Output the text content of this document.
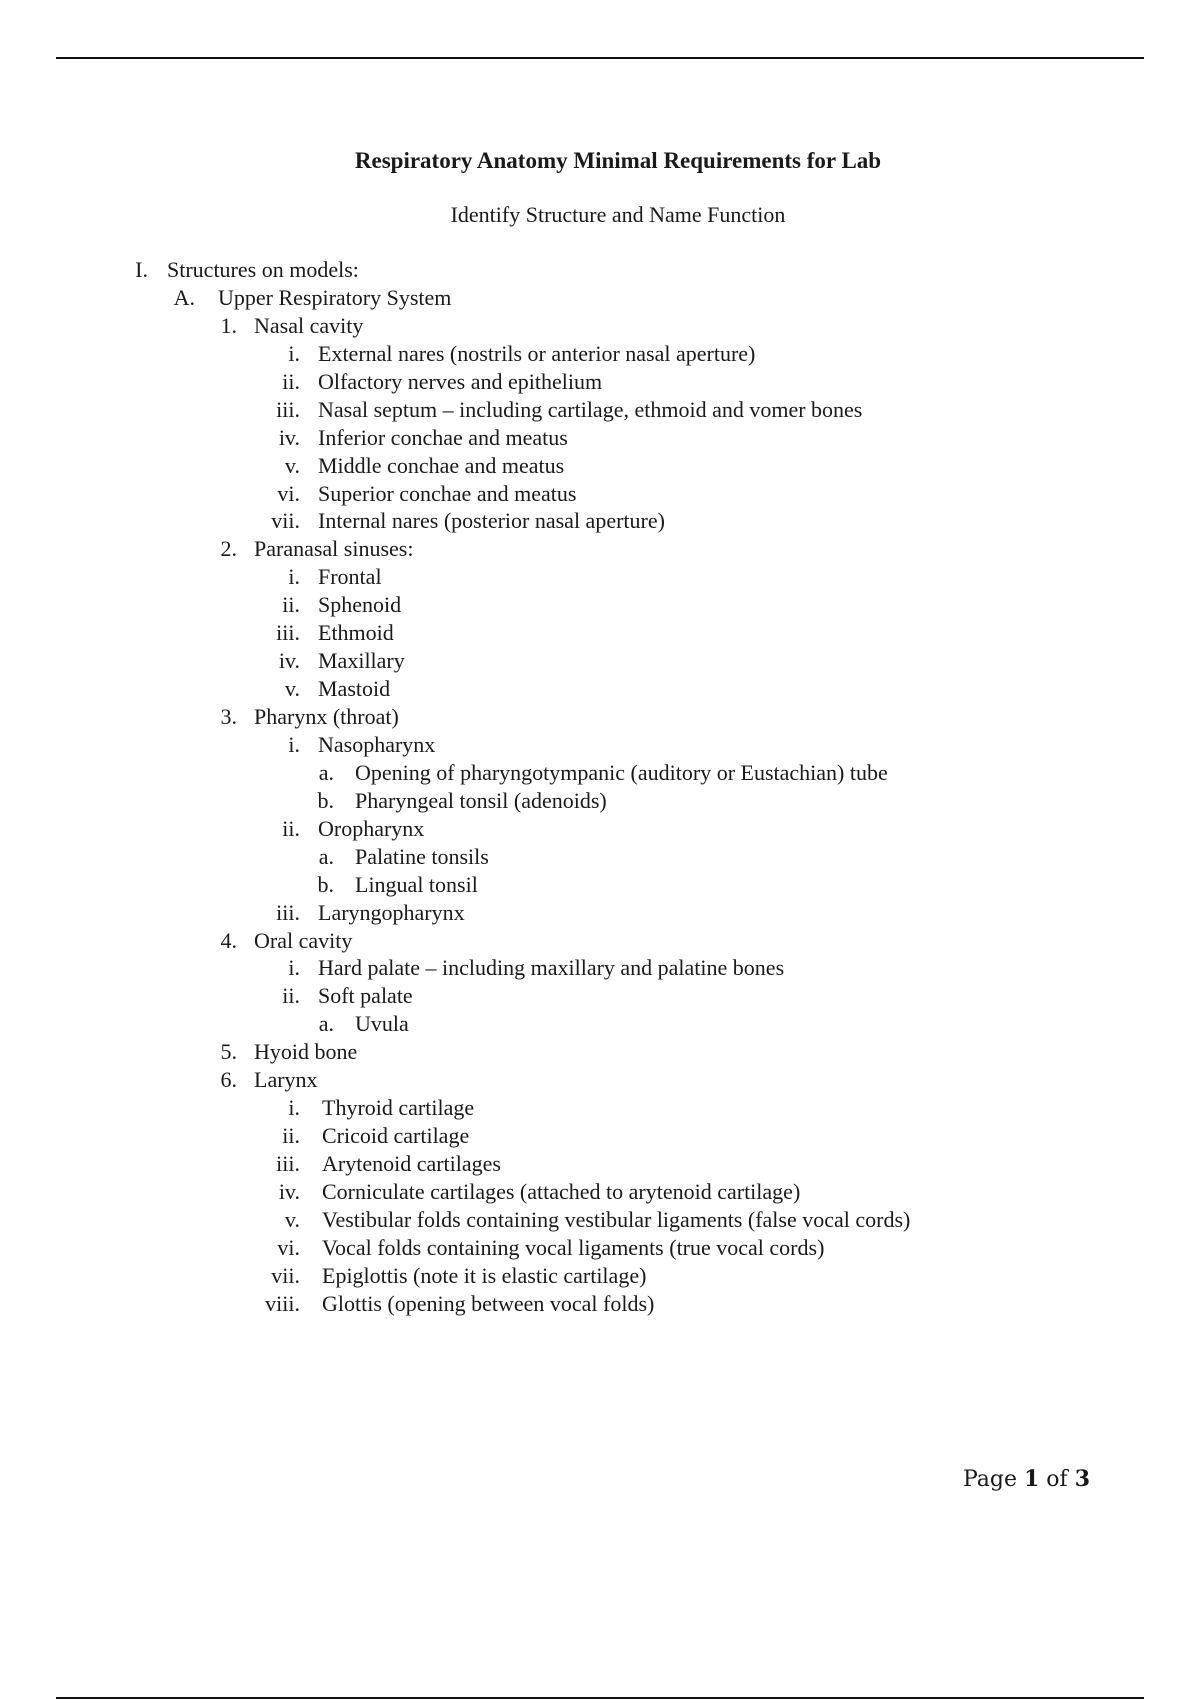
Respiratory Anatomy Minimal Requirements for Lab
Identify Structure and Name Function
I. Structures on models:
A. Upper Respiratory System
1. Nasal cavity
i. External nares (nostrils or anterior nasal aperture)
ii. Olfactory nerves and epithelium
iii. Nasal septum – including cartilage, ethmoid and vomer bones
iv. Inferior conchae and meatus
v. Middle conchae and meatus
vi. Superior conchae and meatus
vii. Internal nares (posterior nasal aperture)
2. Paranasal sinuses:
i. Frontal
ii. Sphenoid
iii. Ethmoid
iv. Maxillary
v. Mastoid
3. Pharynx (throat)
i. Nasopharynx
a. Opening of pharyngotympanic (auditory or Eustachian) tube
b. Pharyngeal tonsil (adenoids)
ii. Oropharynx
a. Palatine tonsils
b. Lingual tonsil
iii. Laryngopharynx
4. Oral cavity
i. Hard palate – including maxillary and palatine bones
ii. Soft palate
a. Uvula
5. Hyoid bone
6. Larynx
i. Thyroid cartilage
ii. Cricoid cartilage
iii. Arytenoid cartilages
iv. Corniculate cartilages (attached to arytenoid cartilage)
v. Vestibular folds containing vestibular ligaments (false vocal cords)
vi. Vocal folds containing vocal ligaments (true vocal cords)
vii. Epiglottis (note it is elastic cartilage)
viii. Glottis (opening between vocal folds)
Page 1 of 3
